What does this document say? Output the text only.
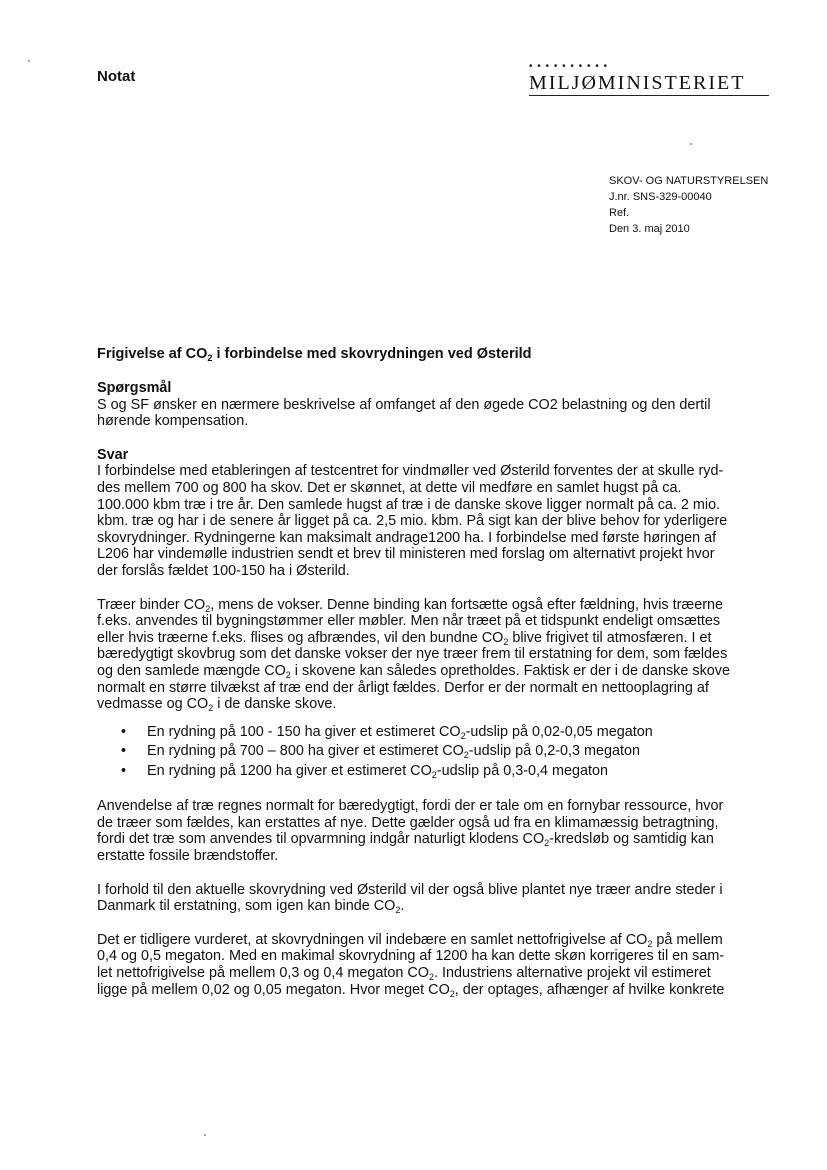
Notat
• • • • • • • • • •
MILJØMINISTERIET
SKOV- OG NATURSTYRELSEN
J.nr. SNS-329-00040
Ref.
Den 3. maj 2010
Frigivelse af $CO_2$ i forbindelse med skovrydningen ved Østerild
Spørgsmål
S og SF ønsker en nærmere beskrivelse af omfanget af den øgede CO2 belastning og den dertil
hørende kompensation.
Svar
I forbindelse med etableringen af testcentret for vindmøller ved Østerild forventes der at skulle ryd-
des mellem 700 og 800 ha skov. Det er skønnet, at dette vil medføre en samlet hugst på ca.
100.000 kbm træ i tre år. Den samlede hugst af træ i de danske skove ligger normalt på ca. 2 mio.
kbm. træ og har i de senere år ligget på ca. 2,5 mio. kbm. På sigt kan der blive behov for yderligere
skovrydninger. Rydningerne kan maksimalt andrage1200 ha. I forbindelse med første høringen af
L206 har vindemølle industrien sendt et brev til ministeren med forslag om alternativt projekt hvor
der forslås fældet 100-150 ha i Østerild.
Træer binder $CO_2$, mens de vokser. Denne binding kan fortsætte også efter fældning, hvis træerne
f.eks. anvendes til bygningstømmer eller møbler. Men når træet på et tidspunkt endeligt omsættes
eller hvis træerne f.eks. flises og afbrændes, vil den bundne $CO_2$ blive frigivet til atmosfæren. I et
bæredygtigt skovbrug som det danske vokser der nye træer frem til erstatning for dem, som fældes
og den samlede mængde $CO_2$ i skovene kan således opretholdes. Faktisk er der i de danske skove
normalt en større tilvækst af træ end der årligt fældes. Derfor er der normalt en nettooplagring af
vedmasse og $CO_2$ i de danske skove.
• En rydning på 100 - 150 ha giver et estimeret $CO_2$-udslip på 0,02-0,05 megaton
• En rydning på 700 – 800 ha giver et estimeret $CO_2$-udslip på 0,2-0,3 megaton
• En rydning på 1200 ha giver et estimeret $CO_2$-udslip på 0,3-0,4 megaton
Anvendelse af træ regnes normalt for bæredygtigt, fordi der er tale om en fornybar ressource, hvor
de træer som fældes, kan erstattes af nye. Dette gælder også ud fra en klimamæssig betragtning,
fordi det træ som anvendes til opvarmning indgår naturligt klodens $CO_2$-kredsløb og samtidig kan
erstatte fossile brændstoffer.
I forhold til den aktuelle skovrydning ved Østerild vil der også blive plantet nye træer andre steder i
Danmark til erstatning, som igen kan binde $CO_2$.
Det er tidligere vurderet, at skovrydningen vil indebære en samlet nettofrigivelse af $CO_2$ på mellem
0,4 og 0,5 megaton. Med en makimal skovrydning af 1200 ha kan dette skøn korrigeres til en sam-
let nettofrigivelse på mellem 0,3 og 0,4 megaton $CO_2$. Industriens alternative projekt vil estimeret
ligge på mellem 0,02 og 0,05 megaton. Hvor meget $CO_2$, der optages, afhænger af hvilke konkrete
